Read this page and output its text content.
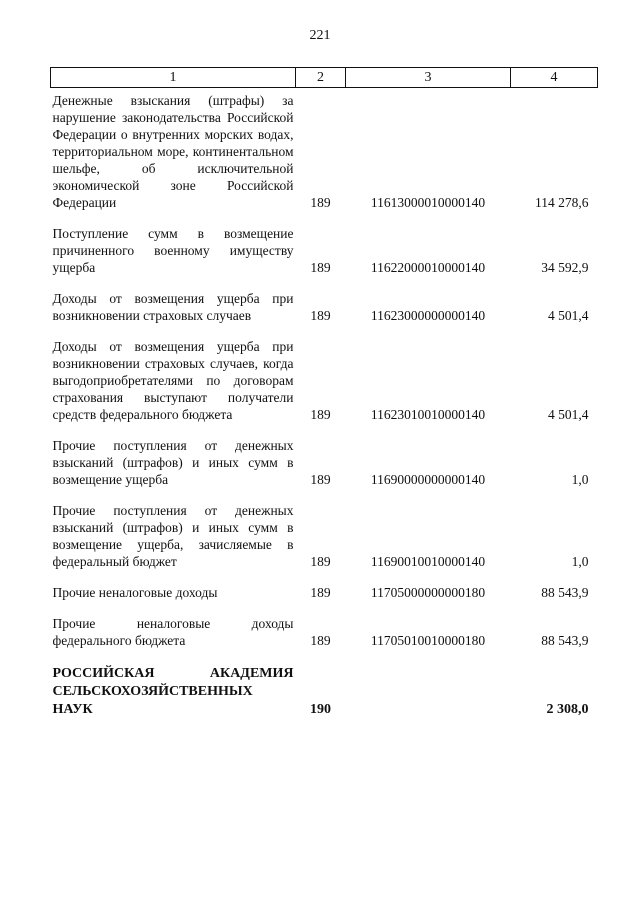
221
1	2	3	4
Денежные взыскания (штрафы) за нарушение законодательства Российской Федерации о внутренних морских водах, территориальном море, континентальном шельфе, об исключительной экономической зоне Российской Федерации	189	11613000010000140	114 278,6
Поступление сумм в возмещение причиненного военному имуществу ущерба	189	11622000010000140	34 592,9
Доходы от возмещения ущерба при возникновении страховых случаев	189	11623000000000140	4 501,4
Доходы от возмещения ущерба при возникновении страховых случаев, когда выгодоприобретателями по договорам страхования выступают получатели средств федерального бюджета	189	11623010010000140	4 501,4
Прочие поступления от денежных взысканий (штрафов) и иных сумм в возмещение ущерба	189	11690000000000140	1,0
Прочие поступления от денежных взысканий (штрафов) и иных сумм в возмещение ущерба, зачисляемые в федеральный бюджет	189	11690010010000140	1,0
Прочие неналоговые доходы	189	11705000000000180	88 543,9
Прочие неналоговые доходы федерального бюджета	189	11705010010000180	88 543,9
РОССИЙСКАЯ АКАДЕМИЯ СЕЛЬСКОХОЗЯЙСТВЕННЫХ НАУК	190		2 308,0
